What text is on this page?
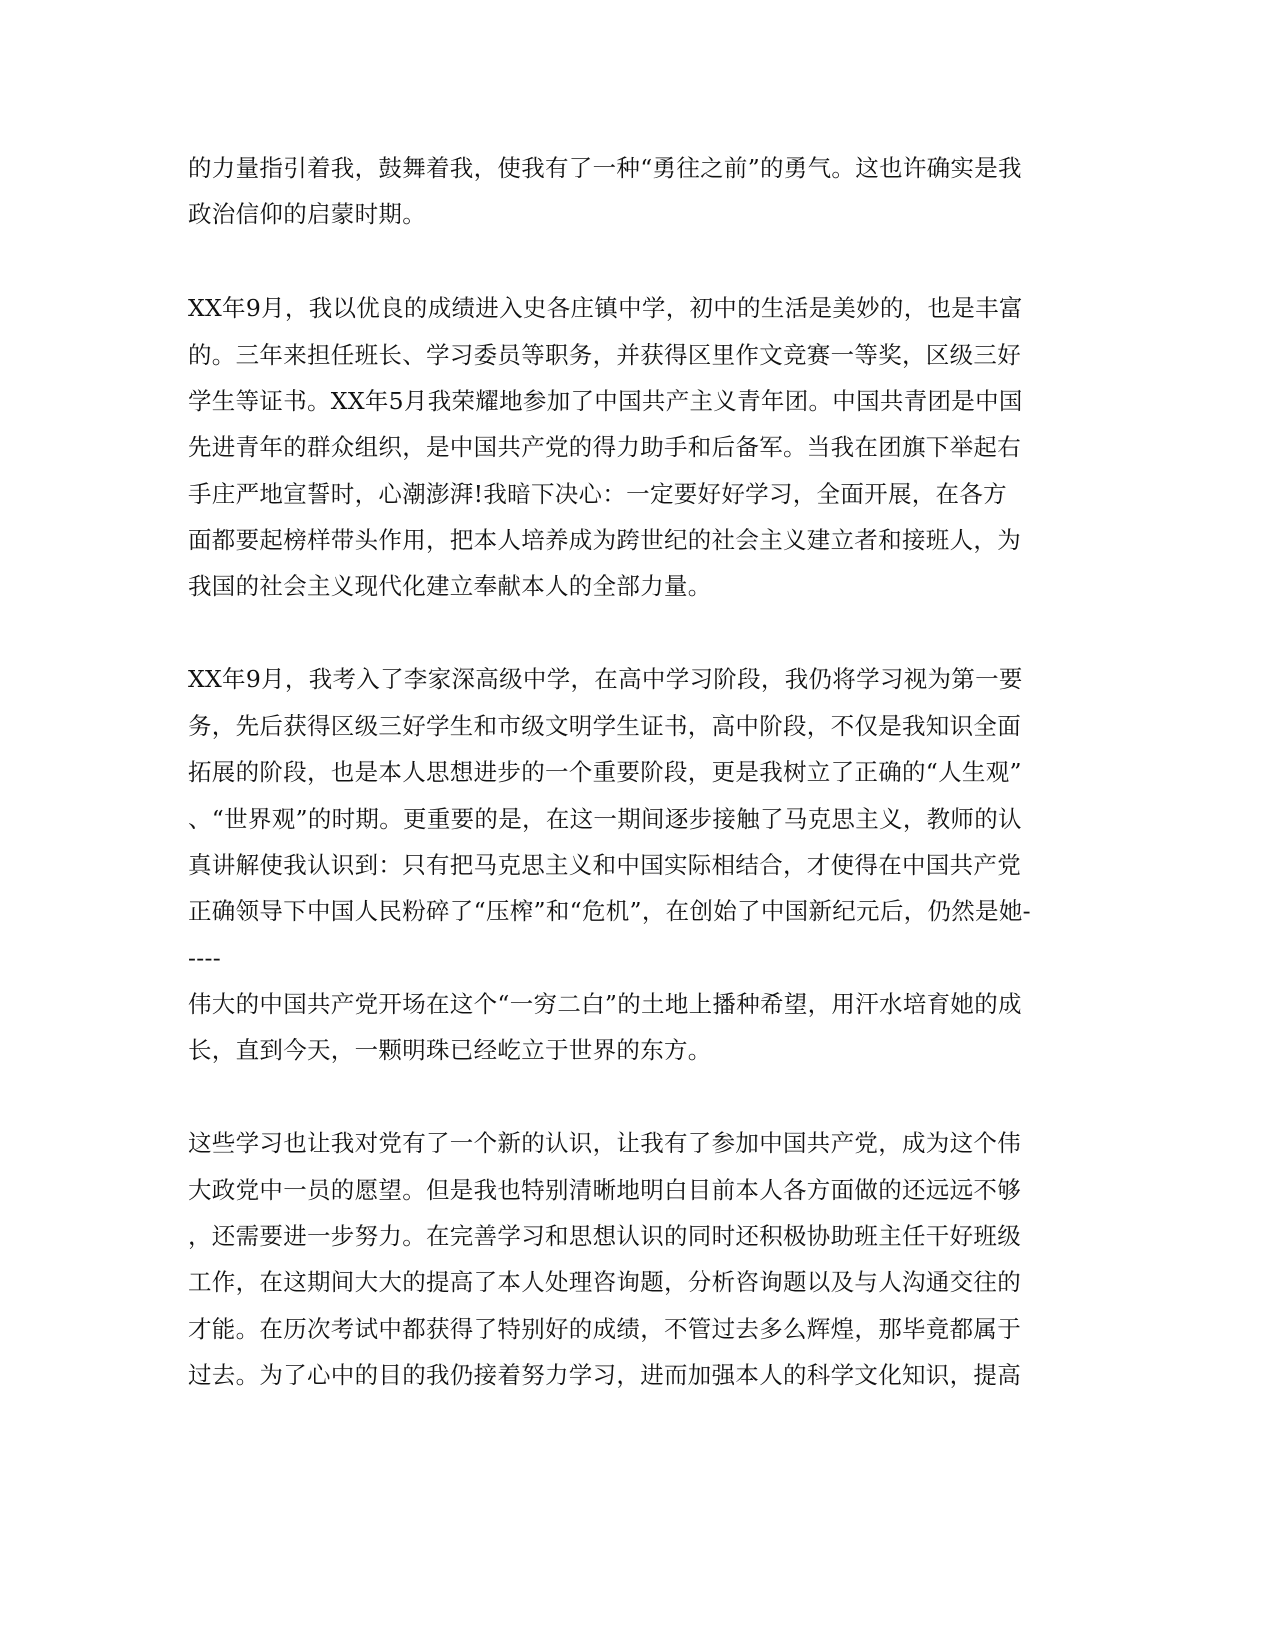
的力量指引着我，鼓舞着我，使我有了一种“勇往之前”的勇气。这也许确实是我
政治信仰的启蒙时期。
XX年9月，我以优良的成绩进入史各庄镇中学，初中的生活是美妙的，也是丰富
的。三年来担任班长、学习委员等职务，并获得区里作文竞赛一等奖，区级三好
学生等证书。XX年5月我荣耀地参加了中国共产主义青年团。中国共青团是中国
先进青年的群众组织，是中国共产党的得力助手和后备军。当我在团旗下举起右
手庄严地宣誓时，心潮澎湃!我暗下决心：一定要好好学习，全面开展，在各方
面都要起榜样带头作用，把本人培养成为跨世纪的社会主义建立者和接班人，为
我国的社会主义现代化建立奉献本人的全部力量。
XX年9月，我考入了李家深高级中学，在高中学习阶段，我仍将学习视为第一要
务，先后获得区级三好学生和市级文明学生证书，高中阶段，不仅是我知识全面
拓展的阶段，也是本人思想进步的一个重要阶段，更是我树立了正确的“人生观”
、“世界观”的时期。更重要的是，在这一期间逐步接触了马克思主义，教师的认
真讲解使我认识到：只有把马克思主义和中国实际相结合，才使得在中国共产党
正确领导下中国人民粉碎了“压榨”和“危机”，在创始了中国新纪元后，仍然是她-
----
伟大的中国共产党开场在这个“一穷二白”的土地上播种希望，用汗水培育她的成
长，直到今天，一颗明珠已经屹立于世界的东方。
这些学习也让我对党有了一个新的认识，让我有了参加中国共产党，成为这个伟
大政党中一员的愿望。但是我也特别清晰地明白目前本人各方面做的还远远不够
，还需要进一步努力。在完善学习和思想认识的同时还积极协助班主任干好班级
工作，在这期间大大的提高了本人处理咨询题，分析咨询题以及与人沟通交往的
才能。在历次考试中都获得了特别好的成绩，不管过去多么辉煌，那毕竟都属于
过去。为了心中的目的我仍接着努力学习，进而加强本人的科学文化知识，提高
